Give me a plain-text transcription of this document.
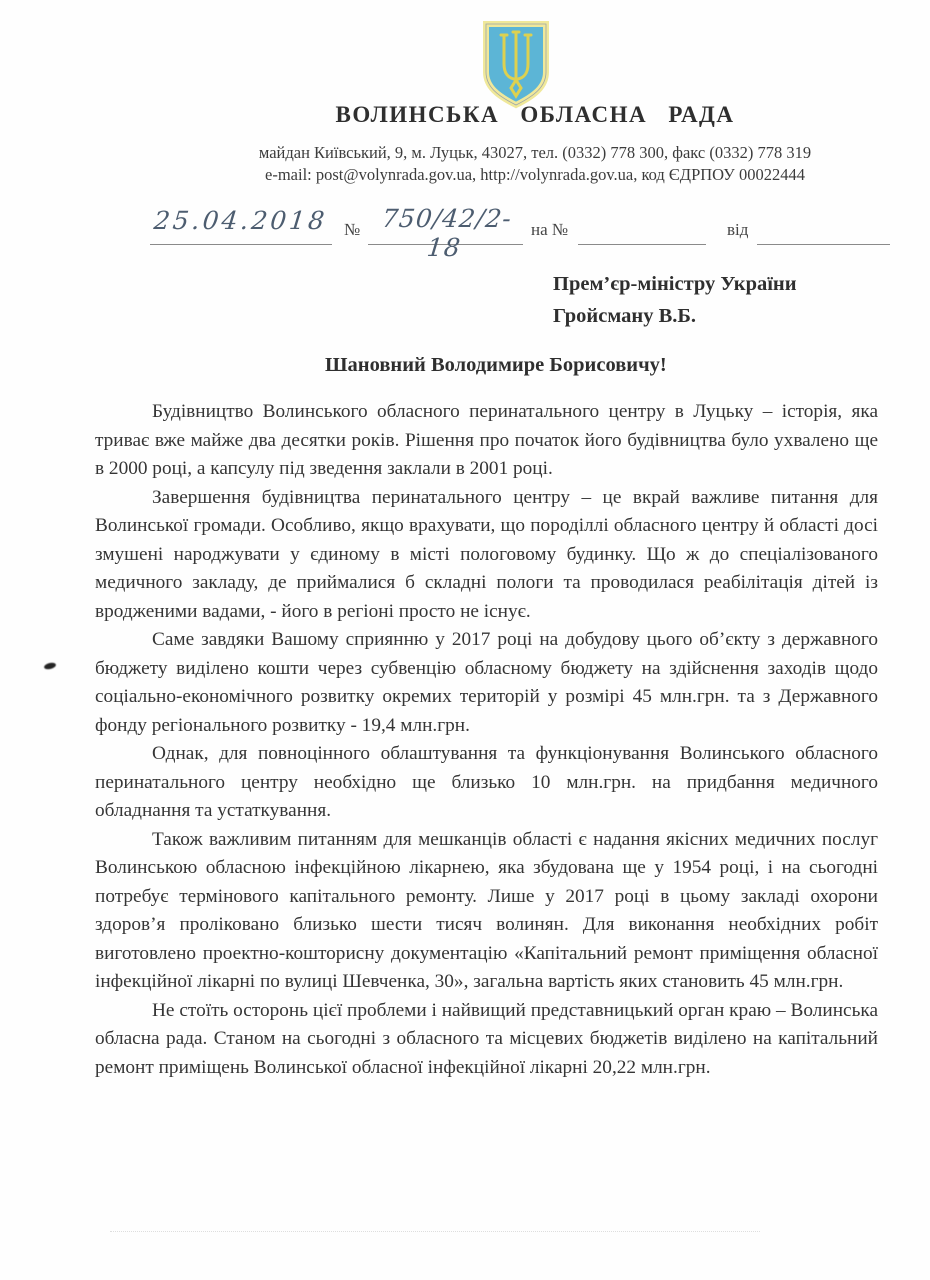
ВОЛИНСЬКА ОБЛАСНА РАДА
майдан Київський, 9, м. Луцьк, 43027, тел. (0332) 778 300, факс (0332) 778 319
e-mail: post@volynrada.gov.ua, http://volynrada.gov.ua, код ЄДРПОУ 00022444
25.04.2018 № 750/42/2-18
на №	від
Прем’єр-міністру України
Гройсману В.Б.
Шановний Володимире Борисовичу!

Будівництво Волинського обласного перинатального центру в Луцьку – історія, яка триває вже майже два десятки років. Рішення про початок його будівництва було ухвалено ще в 2000 році, а капсулу під зведення заклали в 2001 році.

Завершення будівництва перинатального центру – це вкрай важливе питання для Волинської громади. Особливо, якщо врахувати, що породіллі обласного центру й області досі змушені народжувати у єдиному в місті пологовому будинку. Що ж до спеціалізованого медичного закладу, де приймалися б складні пологи та проводилася реабілітація дітей із вродженими вадами, - його в регіоні просто не існує.

Саме завдяки Вашому сприянню у 2017 році на добудову цього об’єкту з державного бюджету виділено кошти через субвенцію обласному бюджету на здійснення заходів щодо соціально-економічного розвитку окремих територій у розмірі 45 млн.грн. та з Державного фонду регіонального розвитку - 19,4 млн.грн.

Однак, для повноцінного облаштування та функціонування Волинського обласного перинатального центру необхідно ще близько 10 млн.грн. на придбання медичного обладнання та устаткування.

Також важливим питанням для мешканців області є надання якісних медичних послуг Волинською обласною інфекційною лікарнею, яка збудована ще у 1954 році, і на сьогодні потребує термінового капітального ремонту. Лише у 2017 році в цьому закладі охорони здоров’я проліковано близько шести тисяч волинян. Для виконання необхідних робіт виготовлено проектно-кошторисну документацію «Капітальний ремонт приміщення обласної інфекційної лікарні по вулиці Шевченка, 30», загальна вартість яких становить 45 млн.грн.

Не стоїть осторонь цієї проблеми і найвищий представницький орган краю – Волинська обласна рада. Станом на сьогодні з обласного та місцевих бюджетів виділено на капітальний ремонт приміщень Волинської обласної інфекційної лікарні 20,22 млн.грн.
